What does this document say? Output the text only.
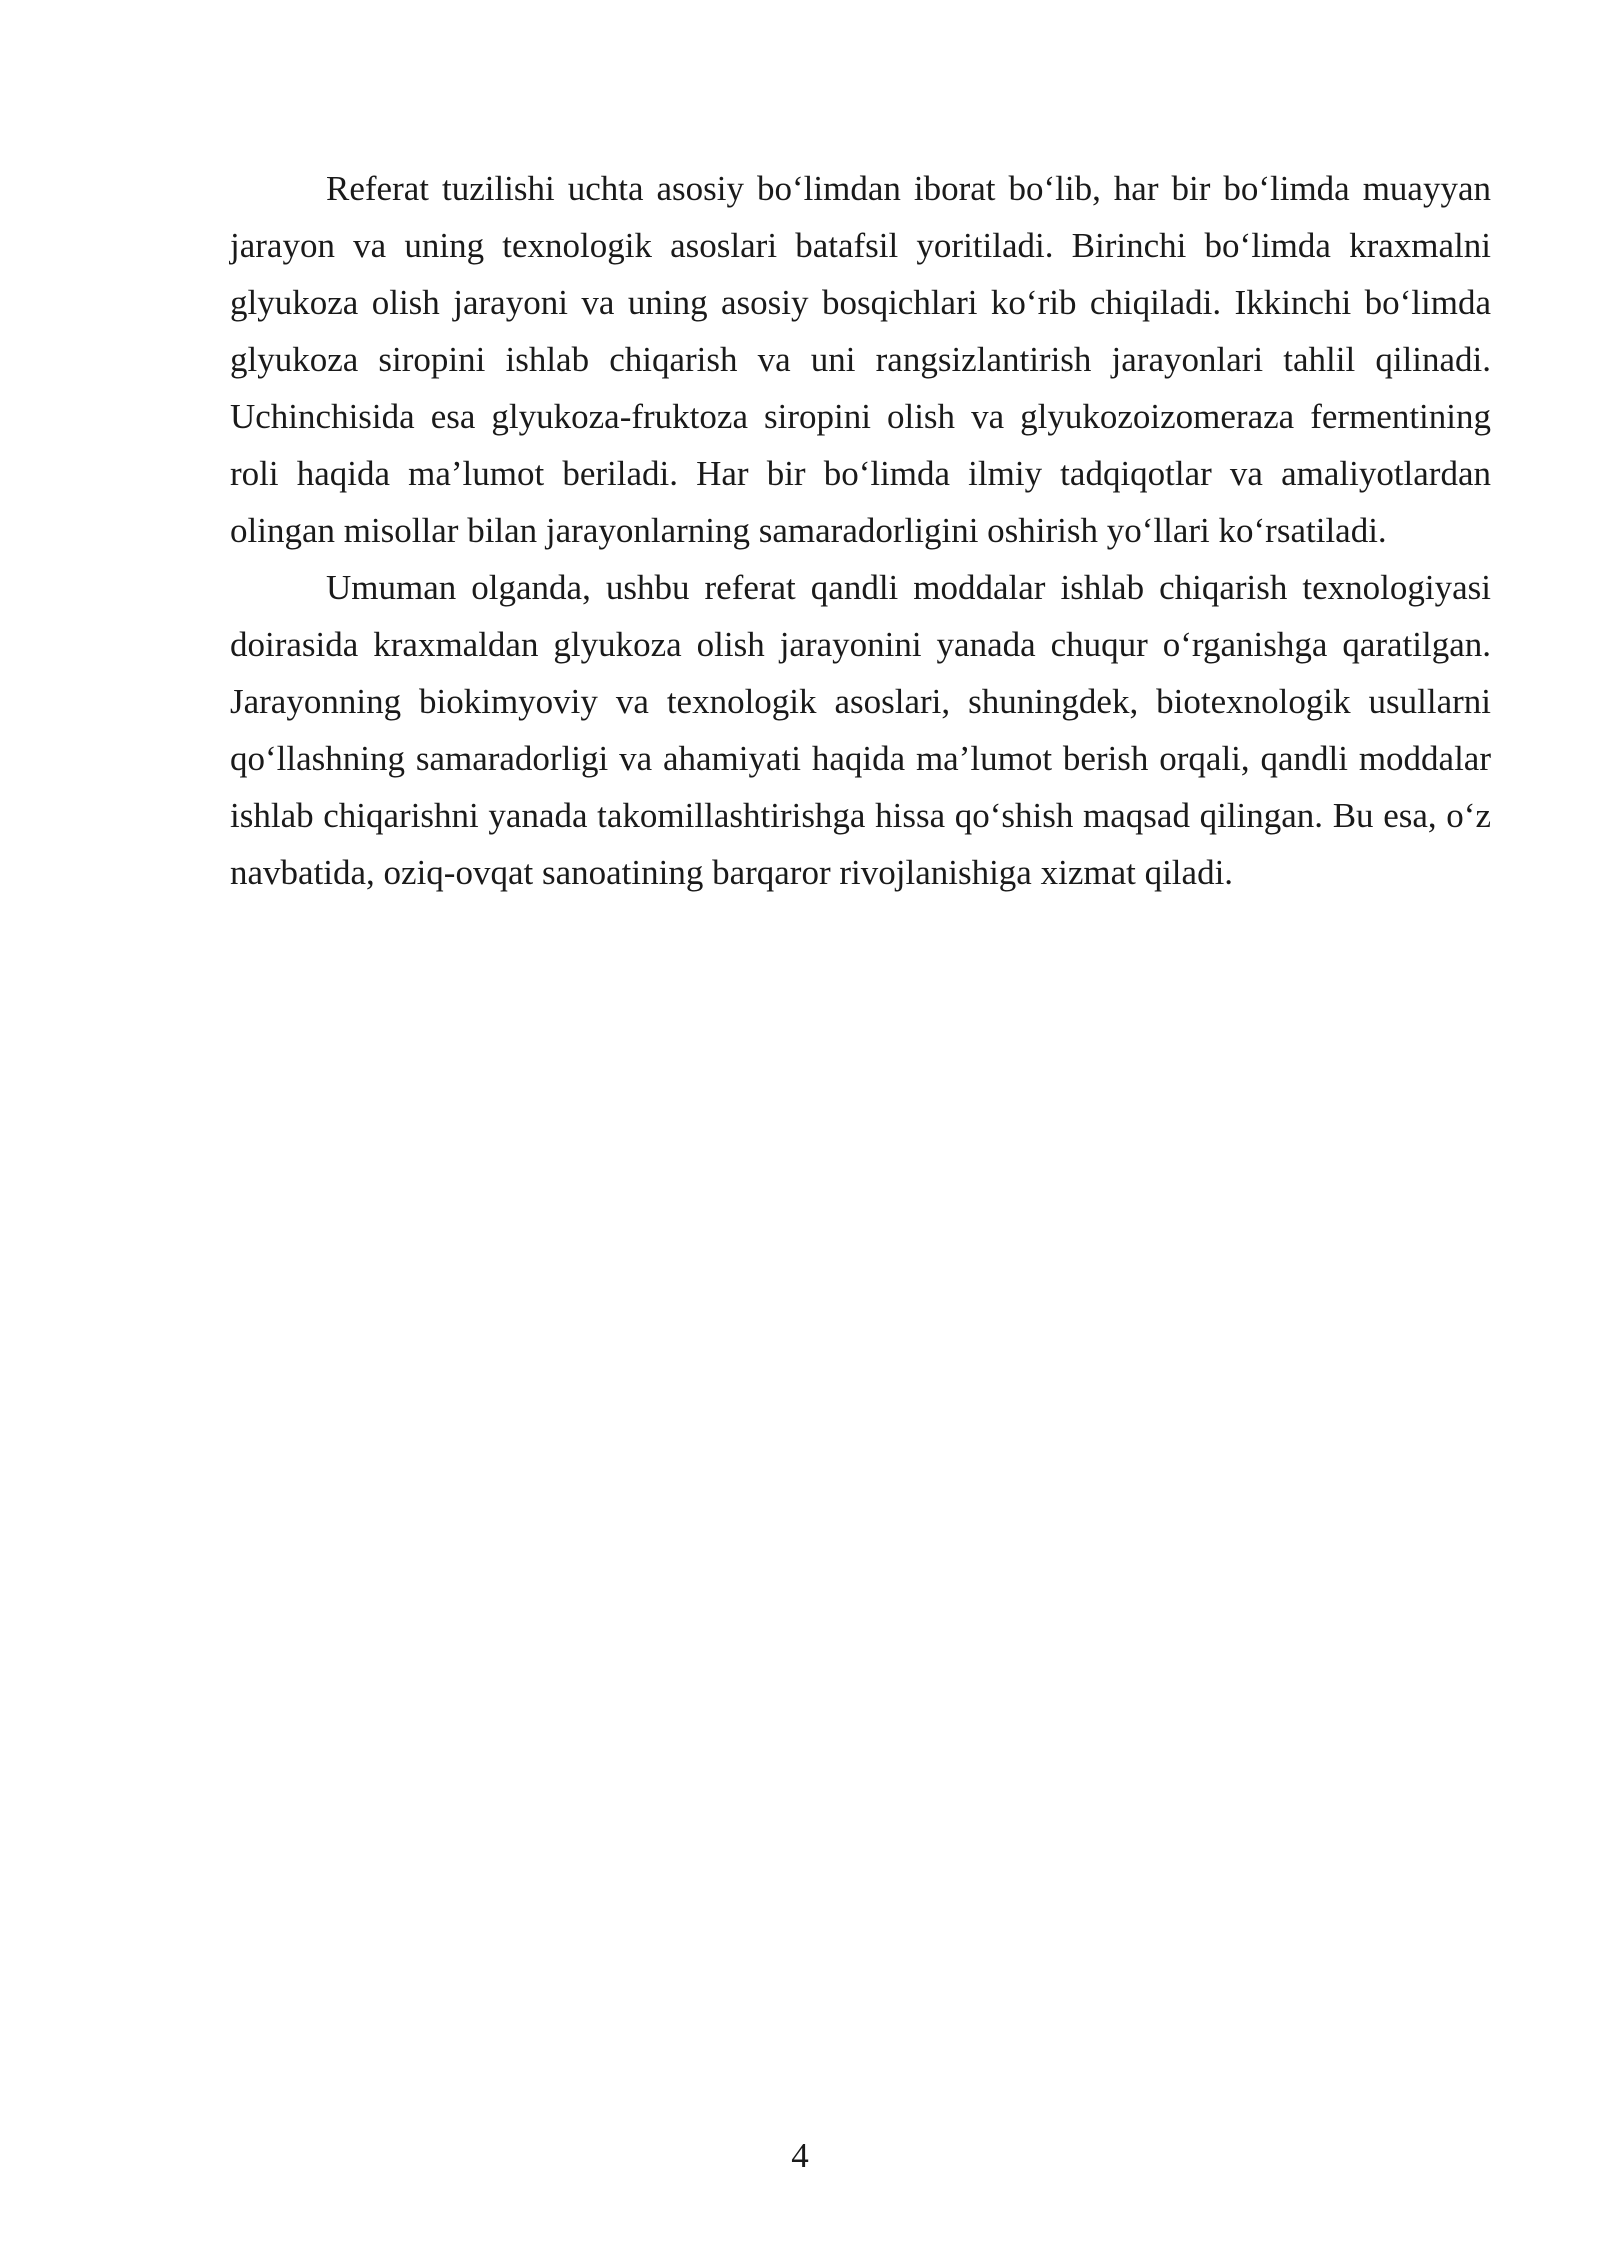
Referat tuzilishi uchta asosiy bo‘limdan iborat bo‘lib, har bir bo‘limda muayyan jarayon va uning texnologik asoslari batafsil yoritiladi. Birinchi bo‘limda kraxmalni glyukoza olish jarayoni va uning asosiy bosqichlari ko‘rib chiqiladi. Ikkinchi bo‘limda glyukoza siropini ishlab chiqarish va uni rangsizlantirish jarayonlari tahlil qilinadi. Uchinchisida esa glyukoza-fruktoza siropini olish va glyukozoizomeraza fermentining roli haqida ma’lumot beriladi. Har bir bo‘limda ilmiy tadqiqotlar va amaliyotlardan olingan misollar bilan jarayonlarning samaradorligini oshirish yo‘llari ko‘rsatiladi.

Umuman olganda, ushbu referat qandli moddalar ishlab chiqarish texnologiyasi doirasida kraxmaldan glyukoza olish jarayonini yanada chuqur o‘rganishga qaratilgan. Jarayonning biokimyoviy va texnologik asoslari, shuningdek, biotexnologik usullarni qo‘llashning samaradorligi va ahamiyati haqida ma’lumot berish orqali, qandli moddalar ishlab chiqarishni yanada takomillashtirishga hissa qo‘shish maqsad qilingan. Bu esa, o‘z navbatida, oziq-ovqat sanoatining barqaror rivojlanishiga xizmat qiladi.

4
